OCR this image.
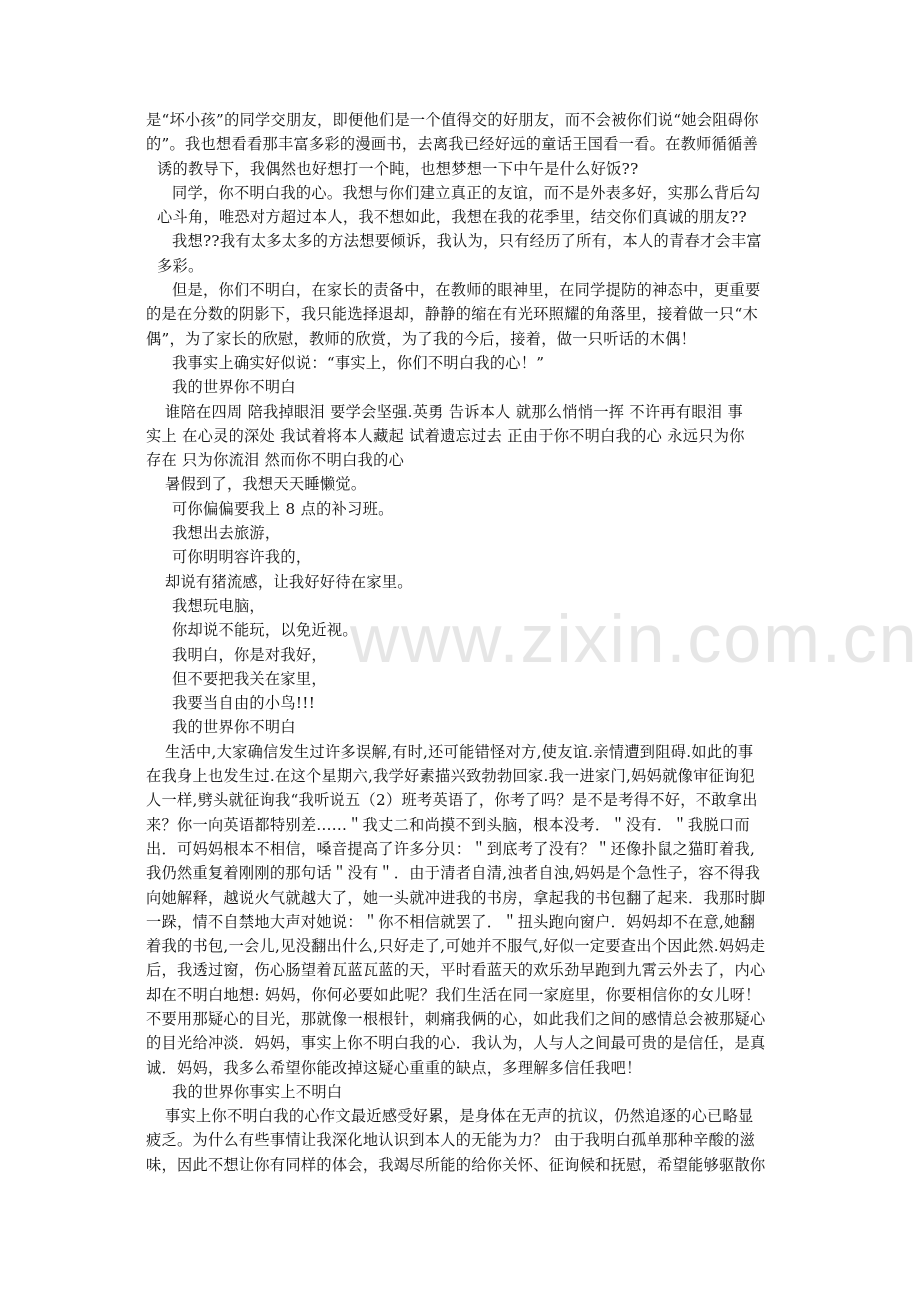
www.zixin.com.cn
是“坏小孩”的同学交朋友，即便他们是一个值得交的好朋友，而不会被你们说“她会阻碍你
的”。我也想看看那丰富多彩的漫画书，去离我已经好远的童话王国看一看。在教师循循善
诱的教导下，我偶然也好想打一个盹，也想梦想一下中午是什么好饭??
同学，你不明白我的心。我想与你们建立真正的友谊，而不是外表多好，实那么背后勾
心斗角，唯恐对方超过本人，我不想如此，我想在我的花季里，结交你们真诚的朋友??
我想??我有太多太多的方法想要倾诉，我认为，只有经历了所有，本人的青春才会丰富
多彩。
但是，你们不明白，在家长的责备中，在教师的眼神里，在同学提防的神态中，更重要
的是在分数的阴影下，我只能选择退却，静静的缩在有光环照耀的角落里，接着做一只“木
偶”，为了家长的欣慰，教师的欣赏，为了我的今后，接着，做一只听话的木偶！
我事实上确实好似说：“事实上，你们不明白我的心！”
我的世界你不明白
谁陪在四周 陪我掉眼泪 要学会坚强.英勇 告诉本人 就那么悄悄一挥 不许再有眼泪 事
实上 在心灵的深处 我试着将本人藏起 试着遗忘过去 正由于你不明白我的心 永远只为你
存在 只为你流泪 然而你不明白我的心
暑假到了，我想天天睡懒觉。
可你偏偏要我上 8 点的补习班。
我想出去旅游，
可你明明容许我的，
却说有猪流感，让我好好待在家里。
我想玩电脑，
你却说不能玩，以免近视。
我明白，你是对我好，
但不要把我关在家里，
我要当自由的小鸟!!!
我的世界你不明白
生活中,大家确信发生过许多误解,有时,还可能错怪对方,使友谊.亲情遭到阻碍.如此的事
在我身上也发生过.在这个星期六,我学好素描兴致勃勃回家.我一进家门,妈妈就像审征询犯
人一样,劈头就征询我“我听说五（2）班考英语了，你考了吗？是不是考得不好，不敢拿出
来？你一向英语都特别差......＂我丈二和尚摸不到头脑，根本没考．＂没有．＂我脱口而
出．可妈妈根本不相信，嗓音提高了许多分贝：＂到底考了没有？＂还像扑鼠之猫盯着我,
我仍然重复着刚刚的那句话＂没有＂．由于清者自清,浊者自浊,妈妈是个急性子，容不得我
向她解释，越说火气就越大了，她一头就冲进我的书房，拿起我的书包翻了起来．我那时脚
一跺，情不自禁地大声对她说：＂你不相信就罢了．＂扭头跑向窗户．妈妈却不在意,她翻
着我的书包,一会儿,见没翻出什么,只好走了,可她并不服气,好似一定要查出个因此然.妈妈走
后，我透过窗，伤心肠望着瓦蓝瓦蓝的天，平时看蓝天的欢乐劲早跑到九霄云外去了，内心
却在不明白地想: 妈妈，你何必要如此呢？我们生活在同一家庭里，你要相信你的女儿呀！
不要用那疑心的目光，那就像一根根针，刺痛我俩的心，如此我们之间的感情总会被那疑心
的目光给冲淡．妈妈，事实上你不明白我的心．我认为，人与人之间最可贵的是信任，是真
诚．妈妈，我多么希望你能改掉这疑心重重的缺点，多理解多信任我吧！
我的世界你事实上不明白
事实上你不明白我的心作文最近感受好累，是身体在无声的抗议，仍然追逐的心已略显
疲乏。为什么有些事情让我深化地认识到本人的无能为力？ 由于我明白孤单那种辛酸的滋
味，因此不想让你有同样的体会，我竭尽所能的给你关怀、征询候和抚慰，希望能够驱散你
